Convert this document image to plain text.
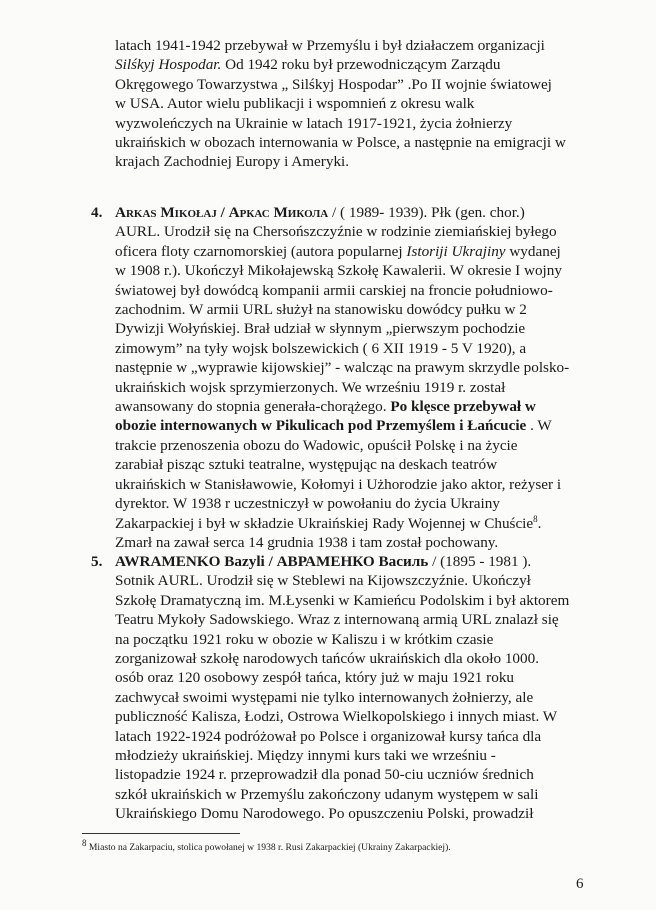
latach 1941-1942 przebywał w Przemyślu i był działaczem organizacji
Silśkyj Hospodar. Od 1942 roku był przewodniczącym Zarządu
Okręgowego Towarzystwa „ Silśkyj Hospodar” .Po II wojnie światowej
w USA. Autor wielu publikacji i wspomnień z okresu walk
wyzwoleńczych na Ukrainie w latach 1917-1921, życia żołnierzy
ukraińskich w obozach internowania w Polsce, a następnie na emigracji w
krajach Zachodniej Europy i Ameryki.

4. Arkas Mikołaj / Аркас Микола / ( 1989- 1939). Płk (gen. chor.)
AURL. Urodził się na Chersońszczyźnie w rodzinie ziemiańskiej byłego
oficera floty czarnomorskiej (autora popularnej Istoriji Ukrajiny wydanej
w 1908 r.). Ukończył Mikołajewską Szkołę Kawalerii. W okresie I wojny
światowej był dowódcą kompanii armii carskiej na froncie południowo-
zachodnim. W armii URL służył na stanowisku dowódcy pułku w 2
Dywizji Wołyńskiej. Brał udział w słynnym „pierwszym pochodzie
zimowym” na tyły wojsk bolszewickich ( 6 XII 1919 - 5 V 1920), a
następnie w „wyprawie kijowskiej” - walcząc na prawym skrzydle polsko-
ukraińskich wojsk sprzymierzonych. We wrześniu 1919 r. został
awansowany do stopnia generała-chorążego. Po klęsce przebywał w
obozie internowanych w Pikulicach pod Przemyślem i Łańcucie . W
trakcie przenoszenia obozu do Wadowic, opuścił Polskę i na życie
zarabiał pisząc sztuki teatralne, występując na deskach teatrów
ukraińskich w Stanisławowie, Kołomyi i Użhorodzie jako aktor, reżyser i
dyrektor. W 1938 r uczestniczył w powołaniu do życia Ukrainy
Zakarpackiej i był w składzie Ukraińskiej Rady Wojennej w Chuście$^8$.
Zmarł na zawał serca 14 grudnia 1938 i tam został pochowany.

5. AWRAMENKO Bazyli / АВРАМЕНКО Василь / (1895 - 1981 ).
Sotnik AURL. Urodził się w Steblewi na Kijowszczyźnie. Ukończył
Szkołę Dramatyczną im. M.Łysenki w Kamieńcu Podolskim i był aktorem
Teatru Mykoły Sadowskiego. Wraz z internowaną armią URL znalazł się
na początku 1921 roku w obozie w Kaliszu i w krótkim czasie
zorganizował szkołę narodowych tańców ukraińskich dla około 1000.
osób oraz 120 osobowy zespół tańca, który już w maju 1921 roku
zachwycał swoimi występami nie tylko internowanych żołnierzy, ale
publiczność Kalisza, Łodzi, Ostrowa Wielkopolskiego i innych miast. W
latach 1922-1924 podróżował po Polsce i organizował kursy tańca dla
młodzieży ukraińskiej. Między innymi kurs taki we wrześniu -
listopadzie 1924 r. przeprowadził dla ponad 50-ciu uczniów średnich
szkół ukraińskich w Przemyślu zakończony udanym występem w sali
Ukraińskiego Domu Narodowego. Po opuszczeniu Polski, prowadził

$^8$ Miasto na Zakarpaciu, stolica powołanej w 1938 r. Rusi Zakarpackiej (Ukrainy Zakarpackiej).

6
